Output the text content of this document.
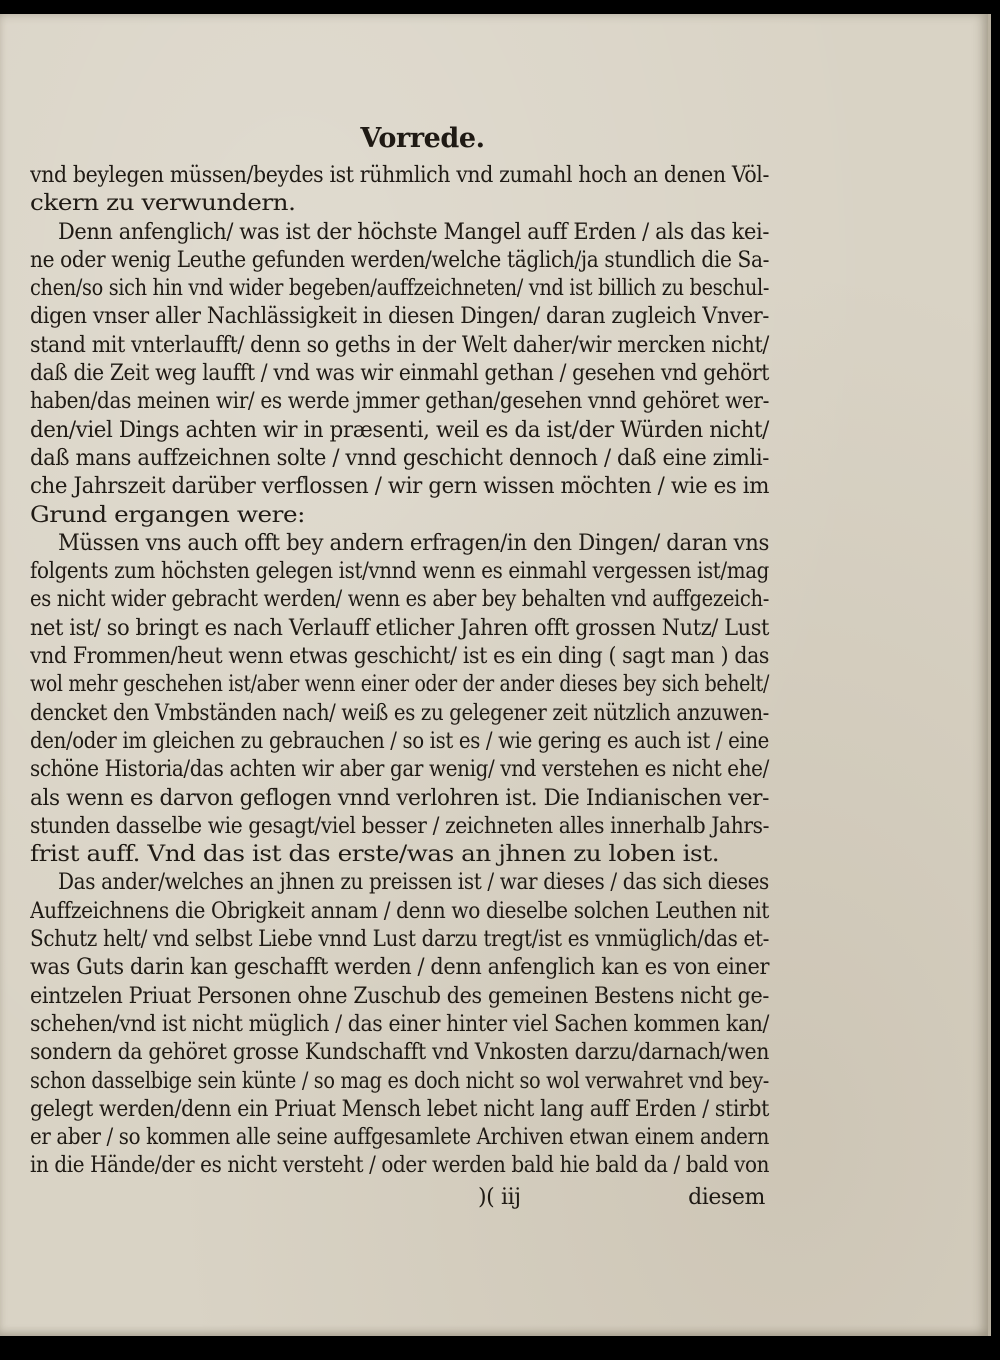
Vorrede.
vnd beylegen müssen/beydes ist rühmlich vnd zumahl hoch an denen Völ-
ckern zu verwundern.
Denn anfenglich/ was ist der höchste Mangel auff Erden / als das kei-
ne oder wenig Leuthe gefunden werden/welche täglich/ja stundlich die Sa-
chen/so sich hin vnd wider begeben/auffzeichneten/ vnd ist billich zu beschul-
digen vnser aller Nachlässigkeit in diesen Dingen/ daran zugleich Vnver-
stand mit vnterlaufft/ denn so geths in der Welt daher/wir mercken nicht/
daß die Zeit weg laufft / vnd was wir einmahl gethan / gesehen vnd gehört
haben/das meinen wir/ es werde jmmer gethan/gesehen vnnd gehöret wer-
den/viel Dings achten wir in præsenti, weil es da ist/der Würden nicht/
daß mans auffzeichnen solte / vnnd geschicht dennoch / daß eine zimli-
che Jahrszeit darüber verflossen / wir gern wissen möchten / wie es im
Grund ergangen were:
Müssen vns auch offt bey andern erfragen/in den Dingen/ daran vns
folgents zum höchsten gelegen ist/vnnd wenn es einmahl vergessen ist/mag
es nicht wider gebracht werden/ wenn es aber bey behalten vnd auffgezeich-
net ist/ so bringt es nach Verlauff etlicher Jahren offt grossen Nutz/ Lust
vnd Frommen/heut wenn etwas geschicht/ ist es ein ding ( sagt man ) das
wol mehr geschehen ist/aber wenn einer oder der ander dieses bey sich behelt/
dencket den Vmbständen nach/ weiß es zu gelegener zeit nützlich anzuwen-
den/oder im gleichen zu gebrauchen / so ist es / wie gering es auch ist / eine
schöne Historia/das achten wir aber gar wenig/ vnd verstehen es nicht ehe/
als wenn es darvon geflogen vnnd verlohren ist. Die Indianischen ver-
stunden dasselbe wie gesagt/viel besser / zeichneten alles innerhalb Jahrs-
frist auff. Vnd das ist das erste/was an jhnen zu loben ist.
Das ander/welches an jhnen zu preissen ist / war dieses / das sich dieses
Auffzeichnens die Obrigkeit annam / denn wo dieselbe solchen Leuthen nit
Schutz helt/ vnd selbst Liebe vnnd Lust darzu tregt/ist es vnmüglich/das et-
was Guts darin kan geschafft werden / denn anfenglich kan es von einer
eintzelen Priuat Personen ohne Zuschub des gemeinen Bestens nicht ge-
schehen/vnd ist nicht müglich / das einer hinter viel Sachen kommen kan/
sondern da gehöret grosse Kundschafft vnd Vnkosten darzu/darnach/wen
schon dasselbige sein künte / so mag es doch nicht so wol verwahret vnd bey-
gelegt werden/denn ein Priuat Mensch lebet nicht lang auff Erden / stirbt
er aber / so kommen alle seine auffgesamlete Archiven etwan einem andern
in die Hände/der es nicht versteht / oder werden bald hie bald da / bald von
)( iij	diesem
